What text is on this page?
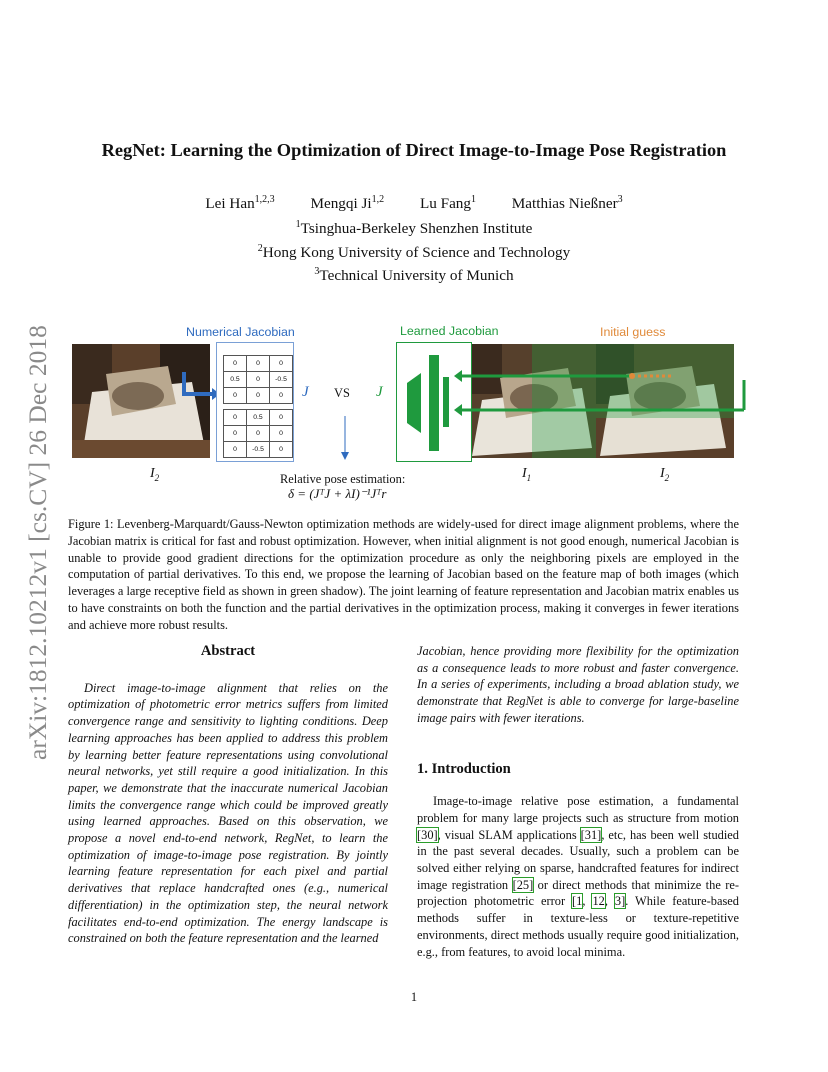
arXiv:1812.10212v1 [cs.CV] 26 Dec 2018
RegNet: Learning the Optimization of Direct Image-to-Image Pose Registration
Lei Han$^{1,2,3}$ Mengqi Ji$^{1,2}$ Lu Fang$^1$ Matthias Nießner$^3$
$^1$Tsinghua-Berkeley Shenzhen Institute
$^2$Hong Kong University of Science and Technology
$^3$Technical University of Munich
Numerical Jacobian
0	0	0
0.5	0	-0.5
0	0	0
0	0.5	0
0	0	0
0	-0.5	0
J VS J
Learned Jacobian	Initial guess
$I_2$	$I_1$	$I_2$
Relative pose estimation:
δ = (JᵀJ + λI)⁻¹Jᵀr
Figure 1: Levenberg-Marquardt/Gauss-Newton optimization methods are widely-used for direct image alignment problems, where the Jacobian matrix is critical for fast and robust optimization. However, when initial alignment is not good enough, numerical Jacobian is unable to provide good gradient directions for the optimization procedure as only the neighboring pixels are employed in the computation of partial derivatives. To this end, we propose the learning of Jacobian based on the feature map of both images (which leverages a large receptive field as shown in green shadow). The joint learning of feature representation and Jacobian matrix enables us to have constraints on both the function and the partial derivatives in the optimization process, making it converges in fewer iterations and achieve more robust results.
Abstract

Direct image-to-image alignment that relies on the optimization of photometric error metrics suffers from limited convergence range and sensitivity to lighting conditions. Deep learning approaches has been applied to address this problem by learning better feature representations using convolutional neural networks, yet still require a good initialization. In this paper, we demonstrate that the inaccurate numerical Jacobian limits the convergence range which could be improved greatly using learned approaches. Based on this observation, we propose a novel end-to-end network, RegNet, to learn the optimization of image-to-image pose registration. By jointly learning feature representation for each pixel and partial derivatives that replace handcrafted ones (e.g., numerical differentiation) in the optimization step, the neural network facilitates end-to-end optimization. The energy landscape is constrained on both the feature representation and the learned

Jacobian, hence providing more flexibility for the optimization as a consequence leads to more robust and faster convergence. In a series of experiments, including a broad ablation study, we demonstrate that RegNet is able to converge for large-baseline image pairs with fewer iterations.

1. Introduction

Image-to-image relative pose estimation, a fundamental problem for many large projects such as structure from motion [30], visual SLAM applications [31], etc, has been well studied in the past several decades. Usually, such a problem can be solved either relying on sparse, handcrafted features for indirect image registration [25] or direct methods that minimize the re-projection photometric error [1, 12, 3]. While feature-based methods suffer in texture-less or texture-repetitive environments, direct methods usually require good initialization, e.g., from features, to avoid local minima.

1
